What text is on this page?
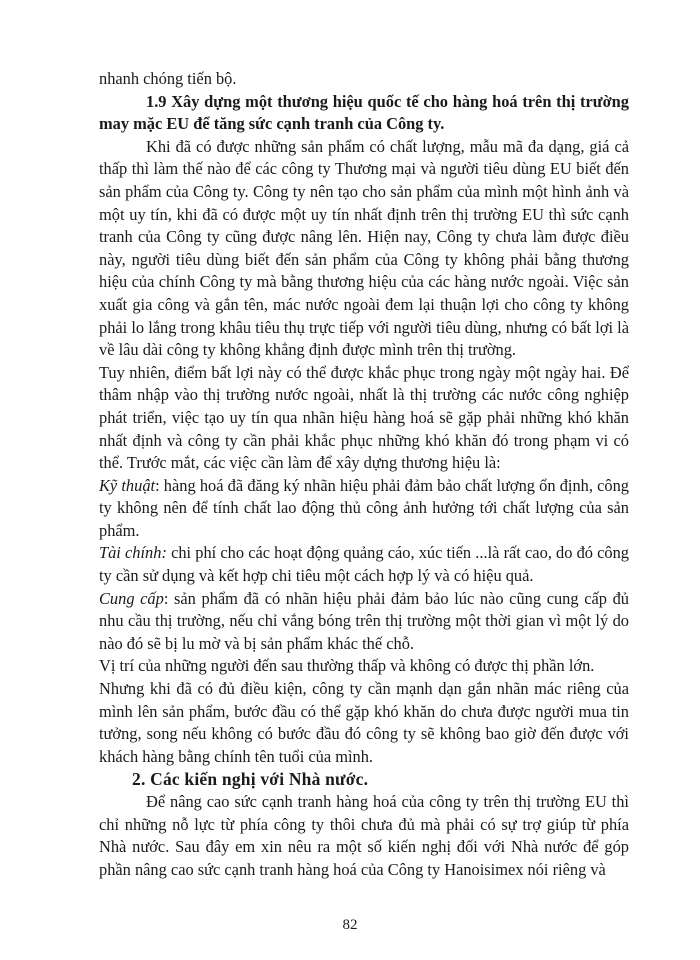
nhanh chóng tiến bộ.

1.9 Xây dựng một thương hiệu quốc tế cho hàng hoá trên thị trường may mặc EU để tăng sức cạnh tranh của Công ty.

Khi đã có được những sản phẩm có chất lượng, mẫu mã đa dạng, giá cả thấp thì làm thế nào để các công ty Thương mại và người tiêu dùng EU biết đến sản phẩm của Công ty. Công ty nên tạo cho sản phẩm của mình một hình ảnh và một uy tín, khi đã có được một uy tín nhất định trên thị trường EU thì sức cạnh tranh của Công ty cũng được nâng lên. Hiện nay, Công ty chưa làm được điều này, người tiêu dùng biết đến sản phẩm của Công ty không phải bằng thương hiệu của chính Công ty mà bằng thương hiệu của các hàng nước ngoài. Việc sản xuất gia công và gắn tên, mác nước ngoài đem lại thuận lợi cho công ty không phải lo lắng trong khâu tiêu thụ trực tiếp với người tiêu dùng, nhưng có bất lợi là về lâu dài công ty không khẳng định được mình trên thị trường.

Tuy nhiên, điểm bất lợi này có thể được khắc phục trong ngày một ngày hai. Để thâm nhập vào thị trường nước ngoài, nhất là thị trường các nước công nghiệp phát triển, việc tạo uy tín qua nhãn hiệu hàng hoá sẽ gặp phải những khó khăn nhất định và công ty cần phải khắc phục những khó khăn đó trong phạm vi có thể. Trước mắt, các việc cần làm để xây dựng thương hiệu là:

Kỹ thuật: hàng hoá đã đăng ký nhãn hiệu phải đảm bảo chất lượng ổn định, công ty không nên để tính chất lao động thủ công ảnh hưởng tới chất lượng của sản phẩm.

Tài chính: chi phí cho các hoạt động quảng cáo, xúc tiến ...là rất cao, do đó công ty cần sử dụng và kết hợp chi tiêu một cách hợp lý và có hiệu quả.

Cung cấp: sản phẩm đã có nhãn hiệu phải đảm bảo lúc nào cũng cung cấp đủ nhu cầu thị trường, nếu chỉ vắng bóng trên thị trường một thời gian vì một lý do nào đó sẽ bị lu mờ và bị sản phẩm khác thế chỗ.

Vị trí của những người đến sau thường thấp và không có được thị phần lớn.

Nhưng khi đã có đủ điều kiện, công ty cần mạnh dạn gắn nhãn mác riêng của mình lên sản phẩm, bước đầu có thể gặp khó khăn do chưa được người mua tin tưởng, song nếu không có bước đầu đó công ty sẽ không bao giờ đến được với khách hàng bằng chính tên tuổi của mình.

2. Các kiến nghị với Nhà nước.

Để nâng cao sức cạnh tranh hàng hoá của công ty trên thị trường EU thì chỉ những nỗ lực từ phía công ty thôi chưa đủ mà phải có sự trợ giúp từ phía Nhà nước. Sau đây em xin nêu ra một số kiến nghị đối với Nhà nước để góp phần nâng cao sức cạnh tranh hàng hoá của Công ty Hanoisimex nói riêng và

82
